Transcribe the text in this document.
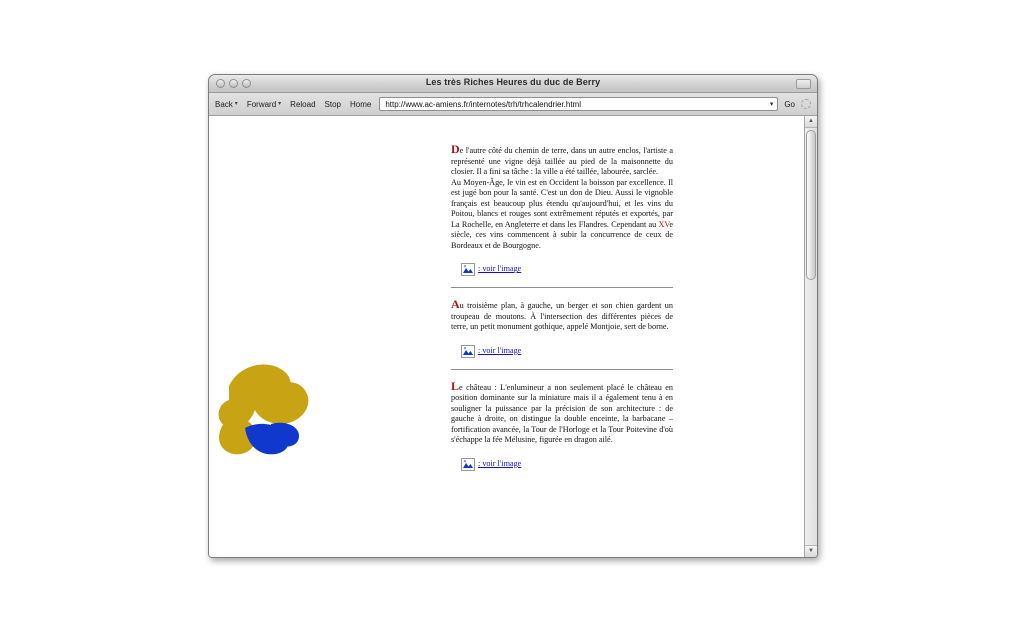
Les très Riches Heures du duc de Berry
Back ▾ Forward ▾ Reload Stop Home http://www.ac-amiens.fr/internotes/trh/trhcalendrier.html	▾ Go

De l'autre côté du chemin de terre, dans un autre enclos, l'artiste a représenté une vigne déjà taillée au pied de la maisonnette du closier. Il a fini sa tâche : la ville a été taillée, labourée, sarclée.

Au Moyen-Âge, le vin est en Occident la boisson par excellence. Il est jugé bon pour la santé. C'est un don de Dieu. Aussi le vignoble français est beaucoup plus étendu qu'aujourd'hui, et les vins du Poitou, blancs et rouges sont extrêmement réputés et exportés, par La Rochelle, en Angleterre et dans les Flandres. Cependant au XVe siècle, ces vins commencent à subir la concurrence de ceux de Bordeaux et de Bourgogne.

: voir l'image

Au troisième plan, à gauche, un berger et son chien gardent un troupeau de moutons. À l'intersection des différentes pièces de terre, un petit monument gothique, appelé Montjoie, sert de borne.

: voir l'image

Le château : L'enlumineur a non seulement placé le château en position dominante sur la miniature mais il a également tenu à en souligner la puissance par la précision de son architecture : de gauche à droite, on distingue la double enceinte, la barbacane – fortification avancée, la Tour de l'Horloge et la Tour Poitevine d'où s'échappe la fée Mélusine, figurée en dragon ailé.

: voir l'image
▲
▼
